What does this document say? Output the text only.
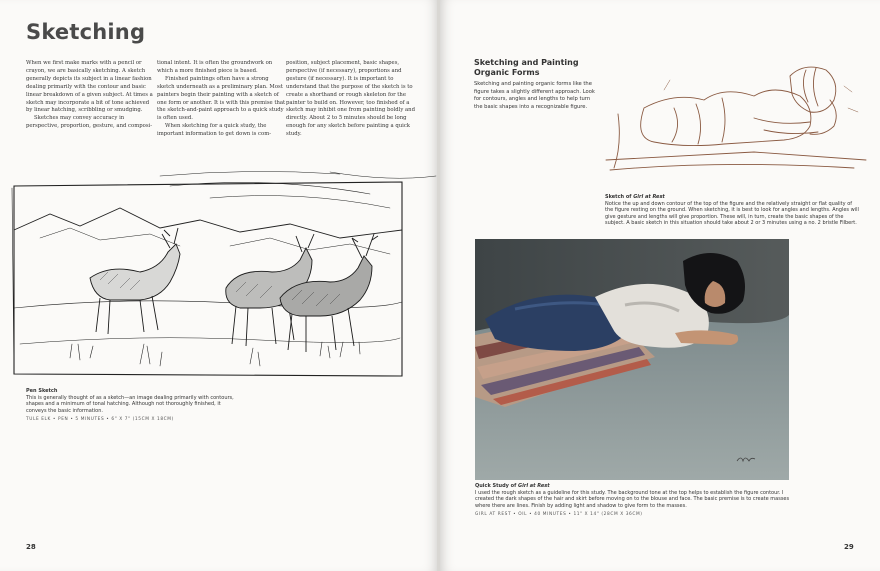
Sketching

When we first make marks with a pencil or crayon, we are basically sketching. A sketch generally depicts its subject in a linear fashion dealing primarily with the contour and basic linear breakdown of a given subject. At times a sketch may incorporate a bit of tone achieved by linear hatching, scribbling or smudging.

Sketches may convey accuracy in perspective, proportion, gesture, and composi-

tional intent. It is often the groundwork on which a more finished piece is based.

Finished paintings often have a strong sketch underneath as a preliminary plan. Most painters begin their painting with a sketch of one form or another. It is with this premise that the sketch-and-paint approach to a quick study is often used.

When sketching for a quick study, the important information to get down is com-

position, subject placement, basic shapes, perspective (if necessary), proportions and gesture (if necessary). It is important to understand that the purpose of the sketch is to create a shorthand or rough skeleton for the painter to build on. However, too finished of a sketch may inhibit one from painting boldly and directly. About 2 to 5 minutes should be long enough for any sketch before painting a quick study.

Pen Sketch
This is generally thought of as a sketch—an image dealing primarily with contours, shapes and a minimum of tonal hatching. Although not thoroughly finished, it conveys the basic information.
TULE ELK • PEN • 5 MINUTES • 6" X 7" (15CM X 18CM)
28
Sketching and Painting Organic Forms
Sketching and painting organic forms like the figure takes a slightly different approach. Look for contours, angles and lengths to help turn the basic shapes into a recognizable figure.
Sketch of Girl at Rest
Notice the up and down contour of the top of the figure and the relatively straight or flat quality of the figure resting on the ground. When sketching, it is best to look for angles and lengths. Angles will give gesture and lengths will give proportion. These will, in turn, create the basic shapes of the subject. A basic sketch in this situation should take about 2 or 3 minutes using a no. 2 bristle Filbert.
Quick Study of Girl at Rest
I used the rough sketch as a guideline for this study. The background tone at the top helps to establish the figure contour. I created the dark shapes of the hair and skirt before moving on to the blouse and face. The basic premise is to create masses where there are lines. Finish by adding light and shadow to give form to the masses.
GIRL AT REST • OIL • 40 MINUTES • 11" X 14" (28CM X 36CM)
29
